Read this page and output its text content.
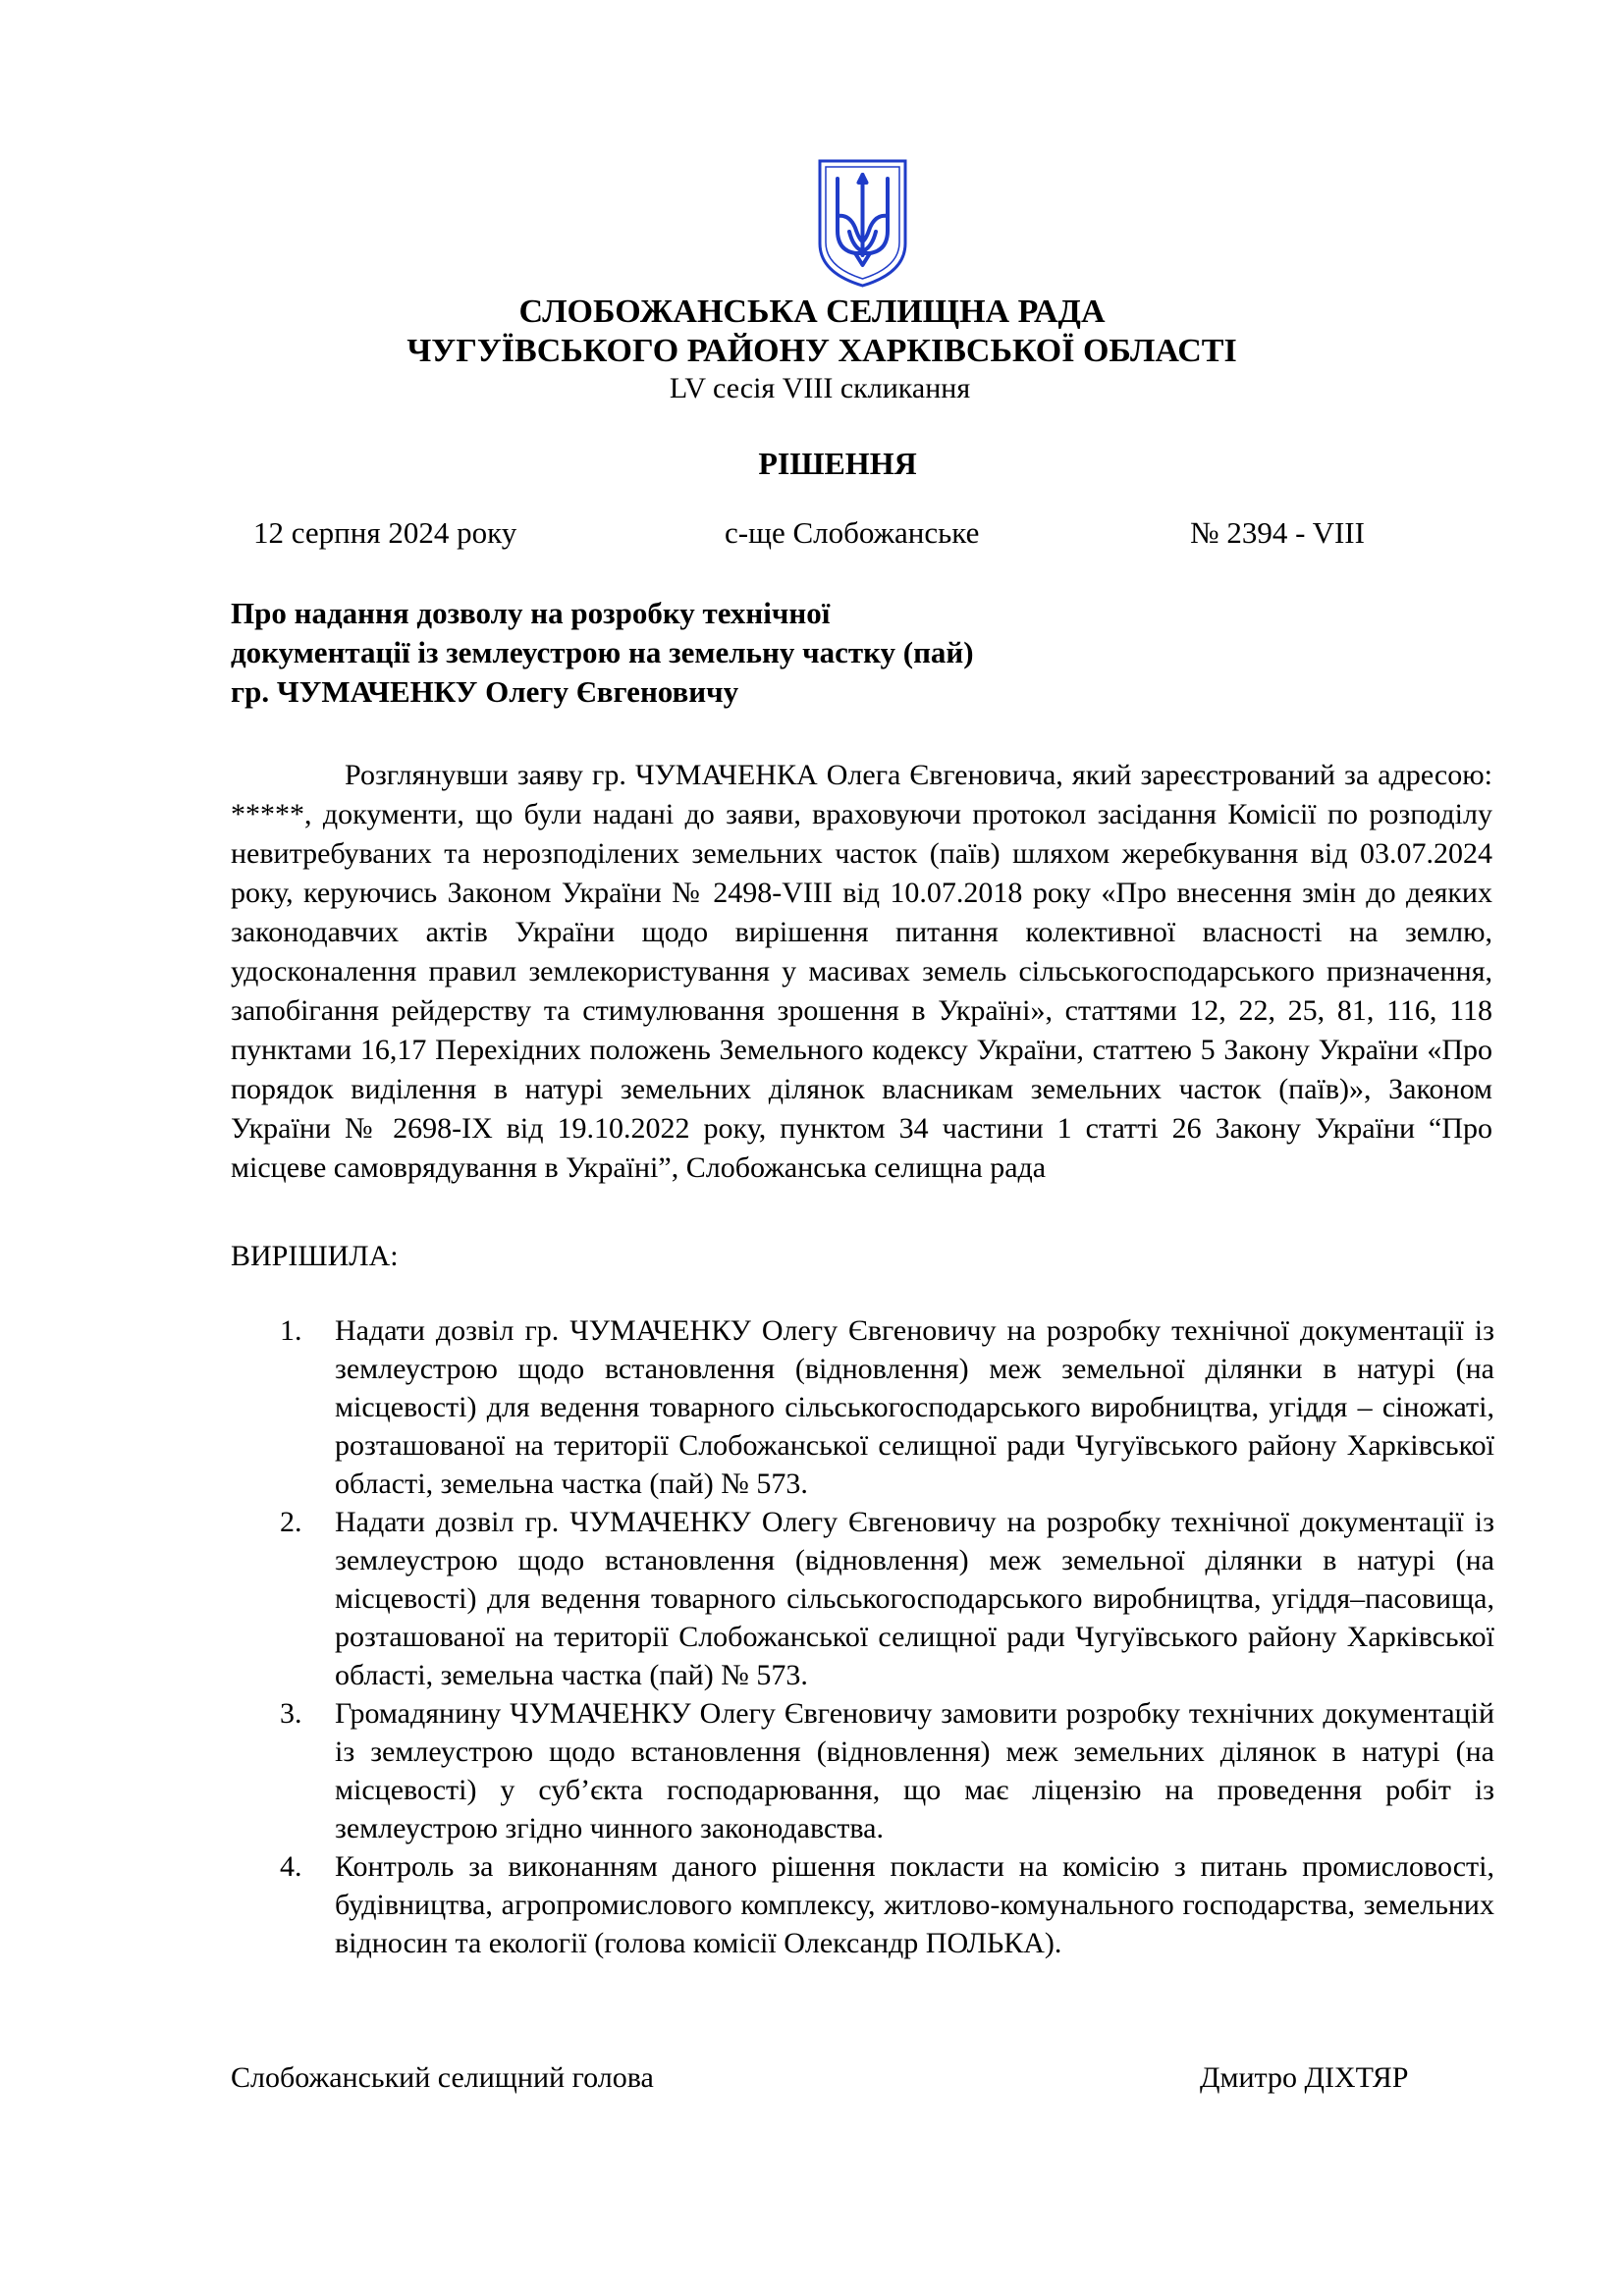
СЛОБОЖАНСЬКА СЕЛИЩНА РАДА
ЧУГУЇВСЬКОГО РАЙОНУ ХАРКІВСЬКОЇ ОБЛАСТІ
LV сесія VIII скликання
РІШЕННЯ
12 серпня 2024 року	с-ще Слобожанське	№ 2394 - VIII
Про надання дозволу на розробку технічної
документації із землеустрою на земельну частку (пай)
гр. ЧУМАЧЕНКУ Олегу Євгеновичу
Розглянувши заяву гр. ЧУМАЧЕНКА Олега Євгеновича, який зареєстрований за адресою: *****, документи, що були надані до заяви, враховуючи протокол засідання Комісії по розподілу невитребуваних та нерозподілених земельних часток (паїв) шляхом жеребкування від 03.07.2024 року, керуючись Законом України № 2498-VIII від 10.07.2018 року «Про внесення змін до деяких законодавчих актів України щодо вирішення питання колективної власності на землю, удосконалення правил землекористування у масивах земель сільськогосподарського призначення, запобігання рейдерству та стимулювання зрошення в Україні», статтями 12, 22, 25, 81, 116, 118 пунктами 16,17 Перехідних положень Земельного кодексу України, статтею 5 Закону України «Про порядок виділення в натурі земельних ділянок власникам земельних часток (паїв)», Законом України № 2698-IX від 19.10.2022 року, пунктом 34 частини 1 статті 26 Закону України “Про місцеве самоврядування в Україні”, Слобожанська селищна рада
ВИРІШИЛА:
1. Надати дозвіл гр. ЧУМАЧЕНКУ Олегу Євгеновичу на розробку технічної документації із землеустрою щодо встановлення (відновлення) меж земельної ділянки в натурі (на місцевості) для ведення товарного сільськогосподарського виробництва, угіддя – сіножаті, розташованої на території Слобожанської селищної ради Чугуївського району Харківської області, земельна частка (пай) № 573.
2. Надати дозвіл гр. ЧУМАЧЕНКУ Олегу Євгеновичу на розробку технічної документації із землеустрою щодо встановлення (відновлення) меж земельної ділянки в натурі (на місцевості) для ведення товарного сільськогосподарського виробництва, угіддя–пасовища, розташованої на території Слобожанської селищної ради Чугуївського району Харківської області, земельна частка (пай) № 573.
3. Громадянину ЧУМАЧЕНКУ Олегу Євгеновичу замовити розробку технічних документацій із землеустрою щодо встановлення (відновлення) меж земельних ділянок в натурі (на місцевості) у суб’єкта господарювання, що має ліцензію на проведення робіт із землеустрою згідно чинного законодавства.
4. Контроль за виконанням даного рішення покласти на комісію з питань промисловості, будівництва, агропромислового комплексу, житлово-комунального господарства, земельних відносин та екології (голова комісії Олександр ПОЛЬКА).
Слобожанський селищний голова	Дмитро ДІХТЯР
